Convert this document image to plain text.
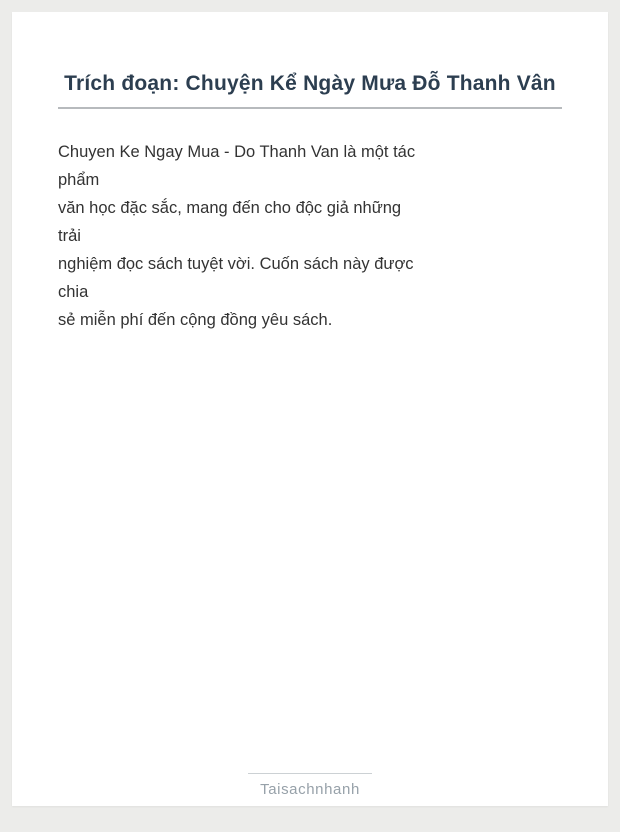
Trích đoạn: Chuyện Kể Ngày Mưa Đỗ Thanh Vân
Chuyen Ke Ngay Mua - Do Thanh Van là một tác
phẩm
văn học đặc sắc, mang đến cho độc giả những
trải
nghiệm đọc sách tuyệt vời. Cuốn sách này được
chia
sẻ miễn phí đến cộng đồng yêu sách.
Taisachnhanh
